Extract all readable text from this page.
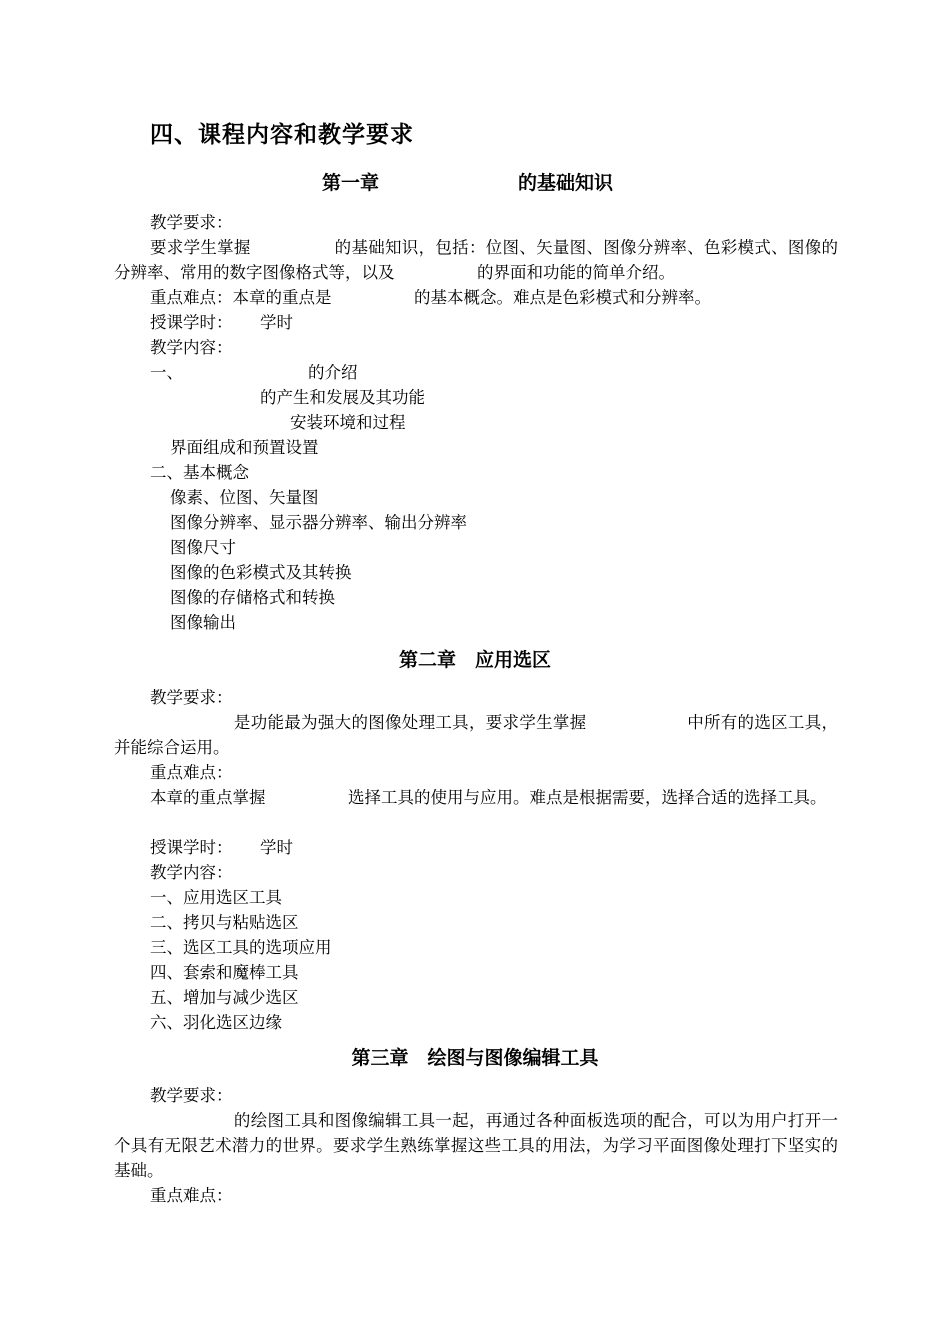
四、课程内容和教学要求
第一章	的基础知识
教学要求：

要求学生掌握　　　　　的基础知识，包括：位图、矢量图、图像分辨率、色彩模式、图像的分辨率、常用的数字图像格式等，以及　　　　　的界面和功能的简单介绍。

重点难点：本章的重点是　　　　　的基本概念。难点是色彩模式和分辨率。
授课学时： 学时
教学内容：
一、	的介绍
的产生和发展及其功能
安装环境和过程
界面组成和预置设置
二、基本概念
像素、位图、矢量图
图像分辨率、显示器分辨率、输出分辨率
图像尺寸
图像的色彩模式及其转换
图像的存储格式和转换
图像输出
第二章　应用选区
教学要求：

　　　　　是功能最为强大的图像处理工具，要求学生掌握　　　　　　中所有的选区工具，并能综合运用。

重点难点：

本章的重点掌握　　　　　选择工具的使用与应用。难点是根据需要，选择合适的选择工具。

授课学时： 学时
教学内容：
一、应用选区工具
二、拷贝与粘贴选区
三、选区工具的选项应用
四、套索和魔棒工具
五、增加与减少选区
六、羽化选区边缘
第三章　绘图与图像编辑工具
教学要求：

　　　　　的绘图工具和图像编辑工具一起，再通过各种面板选项的配合，可以为用户打开一个具有无限艺术潜力的世界。要求学生熟练掌握这些工具的用法，为学习平面图像处理打下坚实的基础。

重点难点：
